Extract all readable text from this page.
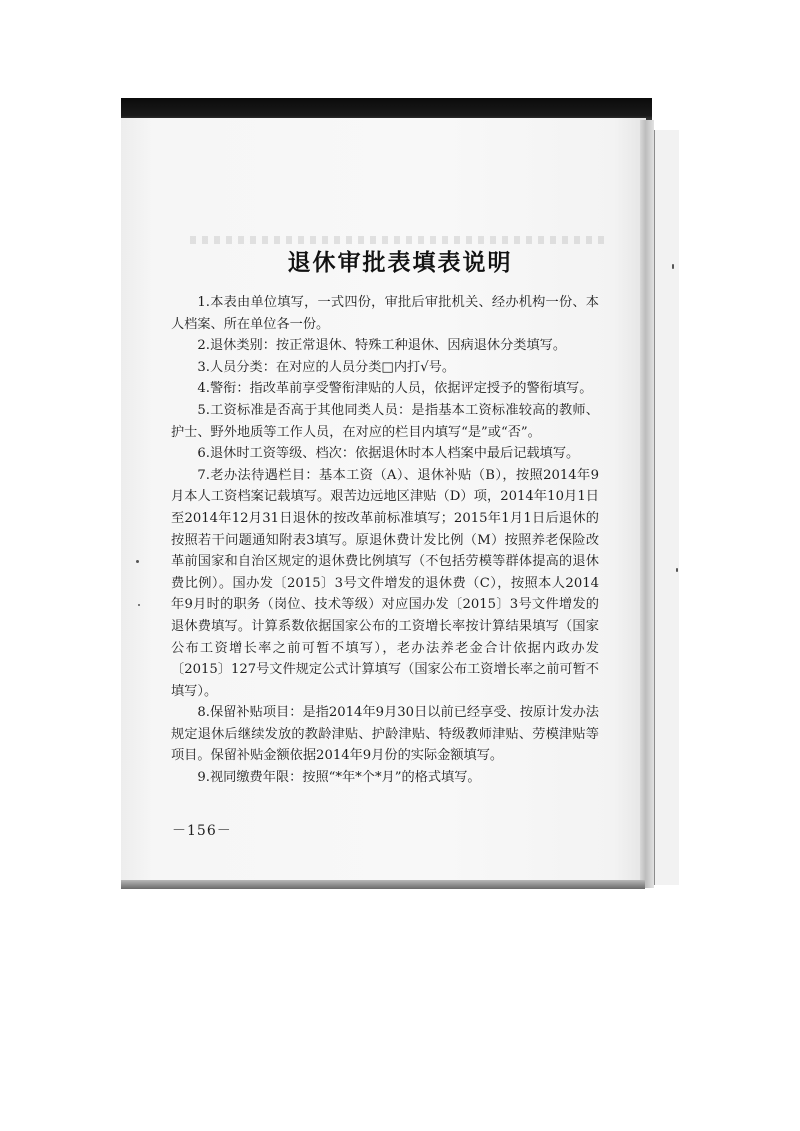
退休审批表填表说明

1.本表由单位填写，一式四份，审批后审批机关、经办机构一份、本人档案、所在单位各一份。

2.退休类别：按正常退休、特殊工种退休、因病退休分类填写。

3.人员分类：在对应的人员分类□内打√号。

4.警衔：指改革前享受警衔津贴的人员，依据评定授予的警衔填写。

5.工资标准是否高于其他同类人员：是指基本工资标准较高的教师、护士、野外地质等工作人员，在对应的栏目内填写“是”或“否”。

6.退休时工资等级、档次：依据退休时本人档案中最后记载填写。

7.老办法待遇栏目：基本工资（A）、退休补贴（B），按照2014年9月本人工资档案记载填写。艰苦边远地区津贴（D）项，2014年10月1日至2014年12月31日退休的按改革前标准填写；2015年1月1日后退休的按照若干问题通知附表3填写。原退休费计发比例（M）按照养老保险改革前国家和自治区规定的退休费比例填写（不包括劳模等群体提高的退休费比例）。国办发〔2015〕3号文件增发的退休费（C），按照本人2014年9月时的职务（岗位、技术等级）对应国办发〔2015〕3号文件增发的退休费填写。计算系数依据国家公布的工资增长率按计算结果填写（国家公布工资增长率之前可暂不填写），老办法养老金合计依据内政办发〔2015〕127号文件规定公式计算填写（国家公布工资增长率之前可暂不填写）。

8.保留补贴项目：是指2014年9月30日以前已经享受、按原计发办法规定退休后继续发放的教龄津贴、护龄津贴、特级教师津贴、劳模津贴等项目。保留补贴金额依据2014年9月份的实际金额填写。

9.视同缴费年限：按照“*年*个*月”的格式填写。

－156－
